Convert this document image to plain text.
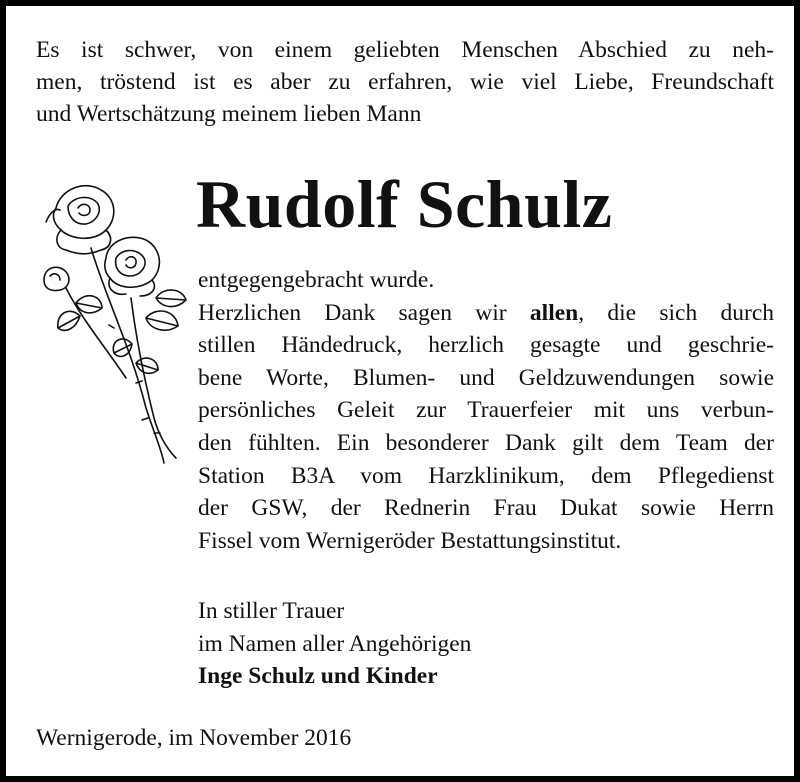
Es ist schwer, von einem geliebten Menschen Abschied zu neh-
men, tröstend ist es aber zu erfahren, wie viel Liebe, Freundschaft
und Wertschätzung meinem lieben Mann
Rudolf Schulz
entgegengebracht wurde.
Herzlichen Dank sagen wir allen, die sich durch
stillen Händedruck, herzlich gesagte und geschrie-
bene Worte, Blumen- und Geldzuwendungen sowie
persönliches Geleit zur Trauerfeier mit uns verbun-
den fühlten. Ein besonderer Dank gilt dem Team der
Station B3A vom Harzklinikum, dem Pflegedienst
der GSW, der Rednerin Frau Dukat sowie Herrn
Fissel vom Wernigeröder Bestattungsinstitut.
In stiller Trauer
im Namen aller Angehörigen
Inge Schulz und Kinder
Wernigerode, im November 2016
